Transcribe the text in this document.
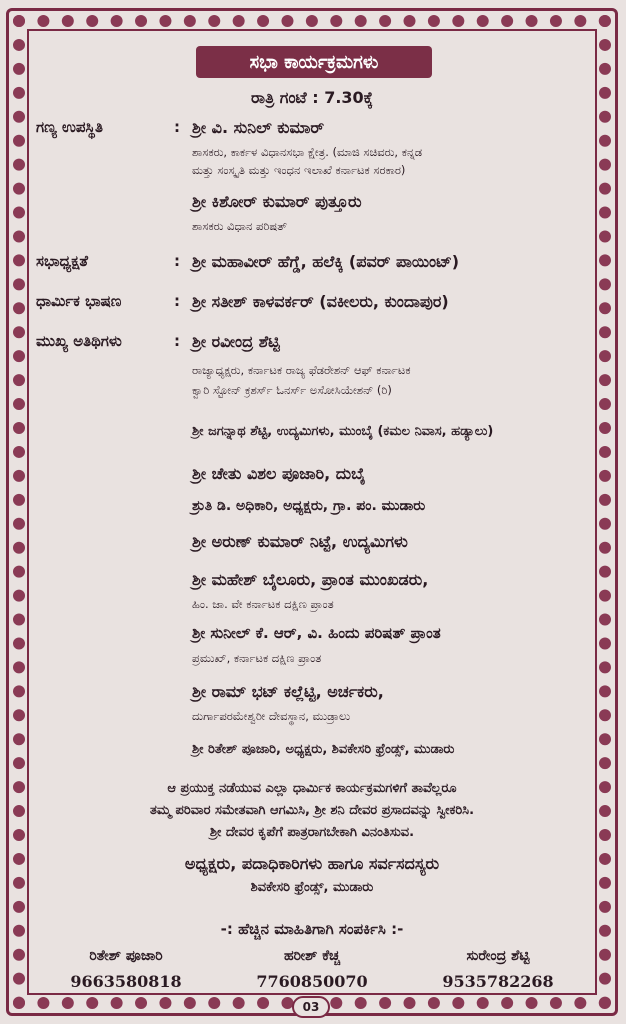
ಸಭಾ ಕಾರ್ಯಕ್ರಮಗಳು
ರಾತ್ರಿ ಗಂಟೆ : 7.30ಕ್ಕೆ
ಗಣ್ಯ ಉಪಸ್ಥಿತಿ	: ಶ್ರೀ ವಿ. ಸುನಿಲ್ ಕುಮಾರ್
ಶಾಸಕರು, ಕಾರ್ಕಳ ವಿಧಾನಸಭಾ ಕ್ಷೇತ್ರ. (ಮಾಜಿ ಸಚಿವರು, ಕನ್ನಡ
ಮತ್ತು ಸಂಸ್ಕೃತಿ ಮತ್ತು ಇಂಧನ ಇಲಾಖೆ ಕರ್ನಾಟಕ ಸರಕಾರ)
ಶ್ರೀ ಕಿಶೋರ್ ಕುಮಾರ್ ಪುತ್ತೂರು
ಶಾಸಕರು ವಿಧಾನ ಪರಿಷತ್
ಸಭಾಧ್ಯಕ್ಷತೆ	: ಶ್ರೀ ಮಹಾವೀರ್ ಹೆಗ್ಡೆ, ಹಲೆಕ್ಕಿ (ಪವರ್ ಪಾಯಿಂಟ್)
ಧಾರ್ಮಿಕ ಭಾಷಣ	: ಶ್ರೀ ಸತೀಶ್ ಕಾಳವರ್ಕರ್ (ವಕೀಲರು, ಕುಂದಾಪುರ)
ಮುಖ್ಯ ಅತಿಥಿಗಳು	: ಶ್ರೀ ರವೀಂದ್ರ ಶೆಟ್ಟಿ
ರಾಜ್ಯಾಧ್ಯಕ್ಷರು, ಕರ್ನಾಟಕ ರಾಜ್ಯ ಫೆಡರೇಶನ್ ಆಫ್ ಕರ್ನಾಟಕ
ಕ್ವಾರಿ ಸ್ಟೋನ್ ಕ್ರಶರ್ಸ್ ಓನರ್ಸ್ ಅಸೋಸಿಯೇಶನ್ (ರಿ)
ಶ್ರೀ ಜಗನ್ನಾಥ ಶೆಟ್ಟಿ, ಉದ್ಯಮಿಗಳು, ಮುಂಬೈ (ಕಮಲ ನಿವಾಸ, ಹಡ್ಯಾಲು)
ಶ್ರೀ ಚೇತು ವಿಶಲ ಪೂಜಾರಿ, ದುಬೈ
ಶ್ರುತಿ ಡಿ. ಅಧಿಕಾರಿ, ಅಧ್ಯಕ್ಷರು, ಗ್ರಾ. ಪಂ. ಮುಡಾರು
ಶ್ರೀ ಅರುಣ್ ಕುಮಾರ್ ನಿಟ್ಟೆ, ಉದ್ಯಮಿಗಳು
ಶ್ರೀ ಮಹೇಶ್ ಬೈಲೂರು, ಪ್ರಾಂತ ಮುಂಖಡರು,
ಹಿಂ. ಜಾ. ವೇ ಕರ್ನಾಟಕ ದಕ್ಷಿಣ ಪ್ರಾಂತ
ಶ್ರೀ ಸುನೀಲ್ ಕೆ. ಆರ್, ವಿ. ಹಿಂದು ಪರಿಷತ್ ಪ್ರಾಂತ
ಪ್ರಮುಖ್, ಕರ್ನಾಟಕ ದಕ್ಷಿಣ ಪ್ರಾಂತ
ಶ್ರೀ ರಾಮ್ ಭಟ್ ಕಲ್ಲೆಟ್ಟಿ, ಅರ್ಚಕರು,
ದುರ್ಗಾಪರಮೇಶ್ವರೀ ದೇವಸ್ಥಾನ, ಮುಡ್ರಾಲು
ಶ್ರೀ ರಿತೇಶ್ ಪೂಜಾರಿ, ಅಧ್ಯಕ್ಷರು, ಶಿವಕೇಸರಿ ಫ್ರೆಂಡ್ಸ್, ಮುಡಾರು
ಆ ಪ್ರಯುಕ್ತ ನಡೆಯುವ ಎಲ್ಲಾ ಧಾರ್ಮಿಕ ಕಾರ್ಯಕ್ರಮಗಳಿಗೆ ತಾವೆಲ್ಲರೂ
ತಮ್ಮ ಪರಿವಾರ ಸಮೇತವಾಗಿ ಆಗಮಿಸಿ, ಶ್ರೀ ಶನಿ ದೇವರ ಪ್ರಸಾದವನ್ನು ಸ್ವೀಕರಿಸಿ.
ಶ್ರೀ ದೇವರ ಕೃಪೆಗೆ ಪಾತ್ರರಾಗಬೇಕಾಗಿ ವಿನಂತಿಸುವ.
ಅಧ್ಯಕ್ಷರು, ಪದಾಧಿಕಾರಿಗಳು ಹಾಗೂ ಸರ್ವಸದಸ್ಯರು
ಶಿವಕೇಸರಿ ಫ್ರೆಂಡ್ಸ್, ಮುಡಾರು
-: ಹೆಚ್ಚಿನ ಮಾಹಿತಿಗಾಗಿ ಸಂಪರ್ಕಿಸಿ :-
ರಿತೇಶ್ ಪೂಜಾರಿ
9663580818
ಹರೀಶ್ ಕೆಚ್ಚ
7760850070
ಸುರೇಂದ್ರ ಶೆಟ್ಟಿ
9535782268
03
